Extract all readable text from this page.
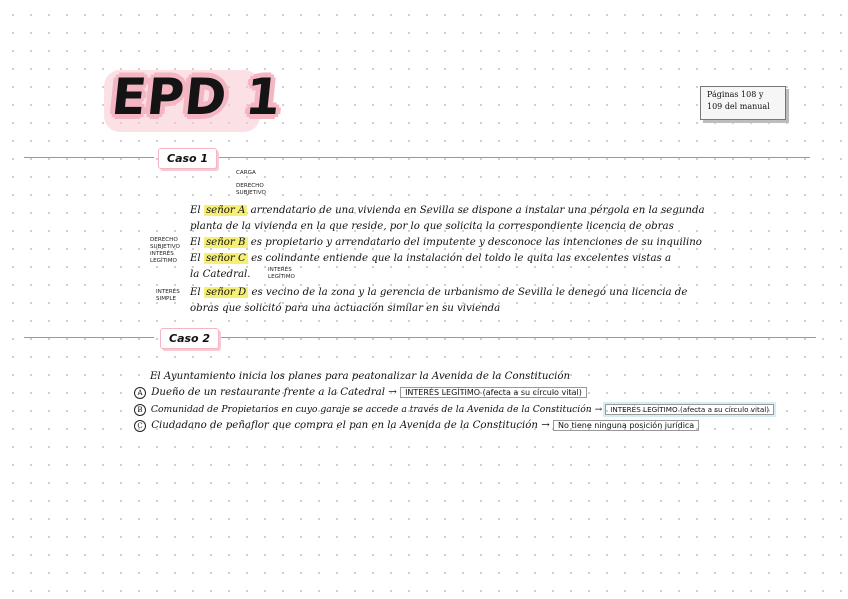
EPD 1	Páginas 108 y
109 del manual
Caso 1
CARGA
DERECHO
SUBJETIVO
El señor A arrendatario de una vivienda en Sevilla se dispone a instalar una pérgola en la segunda
planta de la vivienda en la que reside, por lo que solicita la correspondiente licencia de obras
DERECHO
SUBJETIVO El señor B es propietario y arrendatario del imputente y desconoce las intenciones de su inquilino
INTERÉS
LEGÍTIMO El señor C es colindante entiende que la instalación del toldo le quita las excelentes vistas a
la Catedral.	INTERÉS
LEGÍTIMO
INTERÉS
SIMPLE
El señor D es vecino de la zona y la gerencia de urbanismo de Sevilla le denegó una licencia de
obras que solicitó para una actuación similar en su vivienda
Caso 2
El Ayuntamiento inicia los planes para peatonalizar la Avenida de la Constitución
A Dueño de un restaurante frente a la Catedral → INTERÉS LEGÍTIMO (afecta a su círculo vital)
B Comunidad de Propietarios en cuyo garaje se accede a través de la Avenida de la Constitución → INTERÉS LEGÍTIMO (afecta a su círculo vital)
C Ciudadano de peñaflor que compra el pan en la Avenida de la Constitución → No tiene ninguna posición jurídica
